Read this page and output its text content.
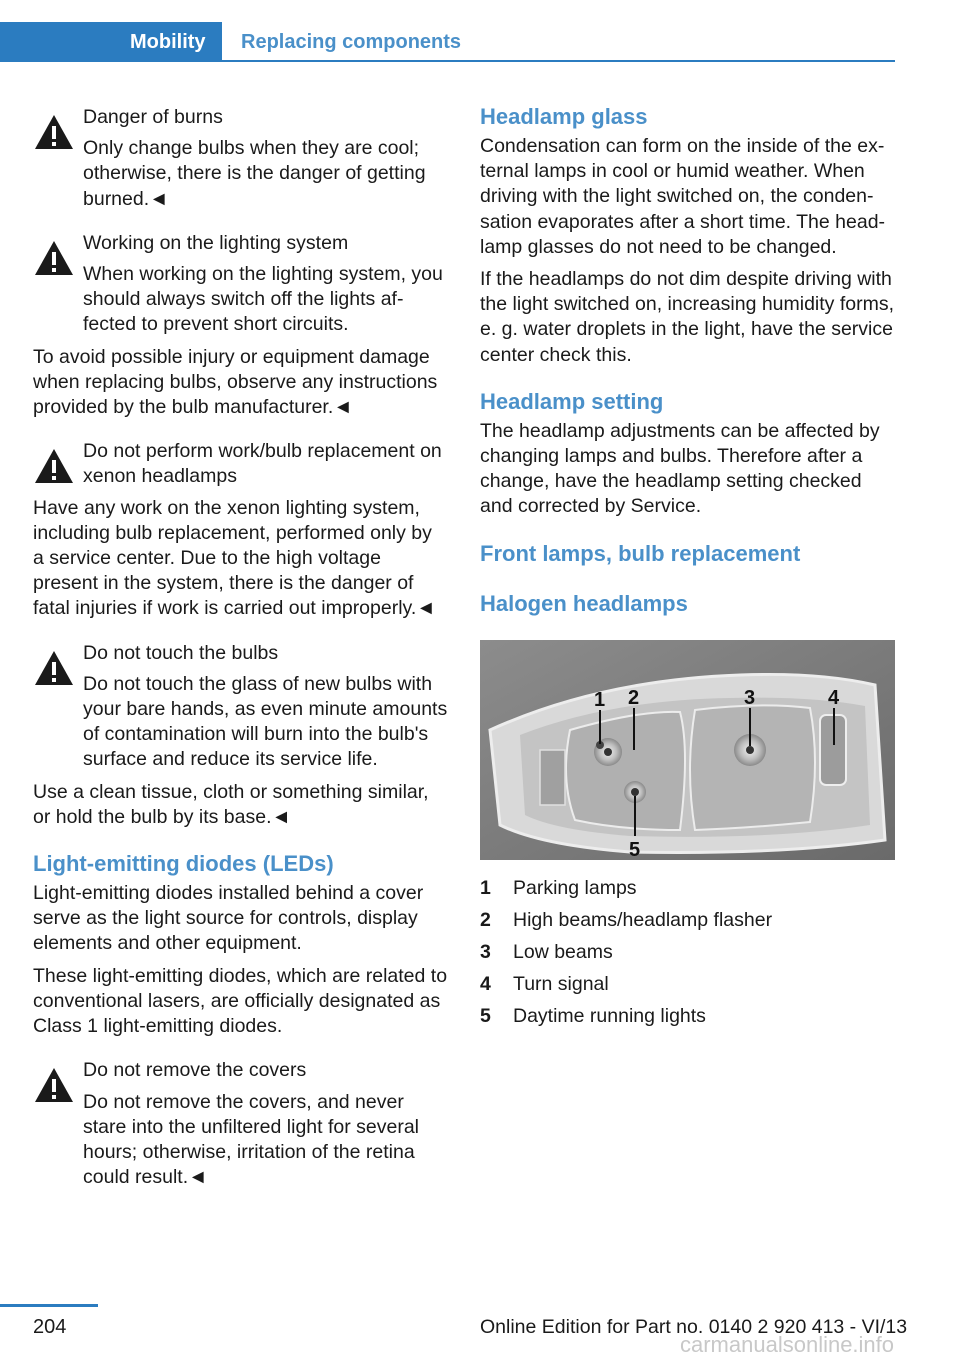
Mobility Replacing components

Danger of burns

Only change bulbs when they are cool; otherwise, there is the danger of getting burned.◄

Working on the lighting system

When working on the lighting system, you should always switch off the lights affected to prevent short circuits.

To avoid possible injury or equipment damage when replacing bulbs, observe any instructions provided by the bulb manufacturer.◄

Do not perform work/bulb replacement on xenon headlamps

Have any work on the xenon lighting system, including bulb replacement, performed only by a service center. Due to the high voltage present in the system, there is the danger of fatal injuries if work is carried out improperly.◄

Do not touch the bulbs

Do not touch the glass of new bulbs with your bare hands, as even minute amounts of contamination will burn into the bulb's surface and reduce its service life.

Use a clean tissue, cloth or something similar, or hold the bulb by its base.◄

Light-emitting diodes (LEDs)

Light-emitting diodes installed behind a cover serve as the light source for controls, display elements and other equipment.

These light-emitting diodes, which are related to conventional lasers, are officially designated as Class 1 light-emitting diodes.

Do not remove the covers

Do not remove the covers, and never stare into the unfiltered light for several hours; otherwise, irritation of the retina could result.◄

Headlamp glass

Condensation can form on the inside of the external lamps in cool or humid weather. When driving with the light switched on, the condensation evaporates after a short time. The headlamp glasses do not need to be changed.

If the headlamps do not dim despite driving with the light switched on, increasing humidity forms, e. g. water droplets in the light, have the service center check this.

Headlamp setting

The headlamp adjustments can be affected by changing lamps and bulbs. Therefore after a change, have the headlamp setting checked and corrected by Service.

Front lamps, bulb replacement
Halogen headlamps
1 2	3	4
5
1	Parking lamps
2	High beams/headlamp flasher
3	Low beams
4	Turn signal
5	Daytime running lights
204	Online Edition for Part no. 0140 2 920 413 - VI/13
carmanualsonline.info
